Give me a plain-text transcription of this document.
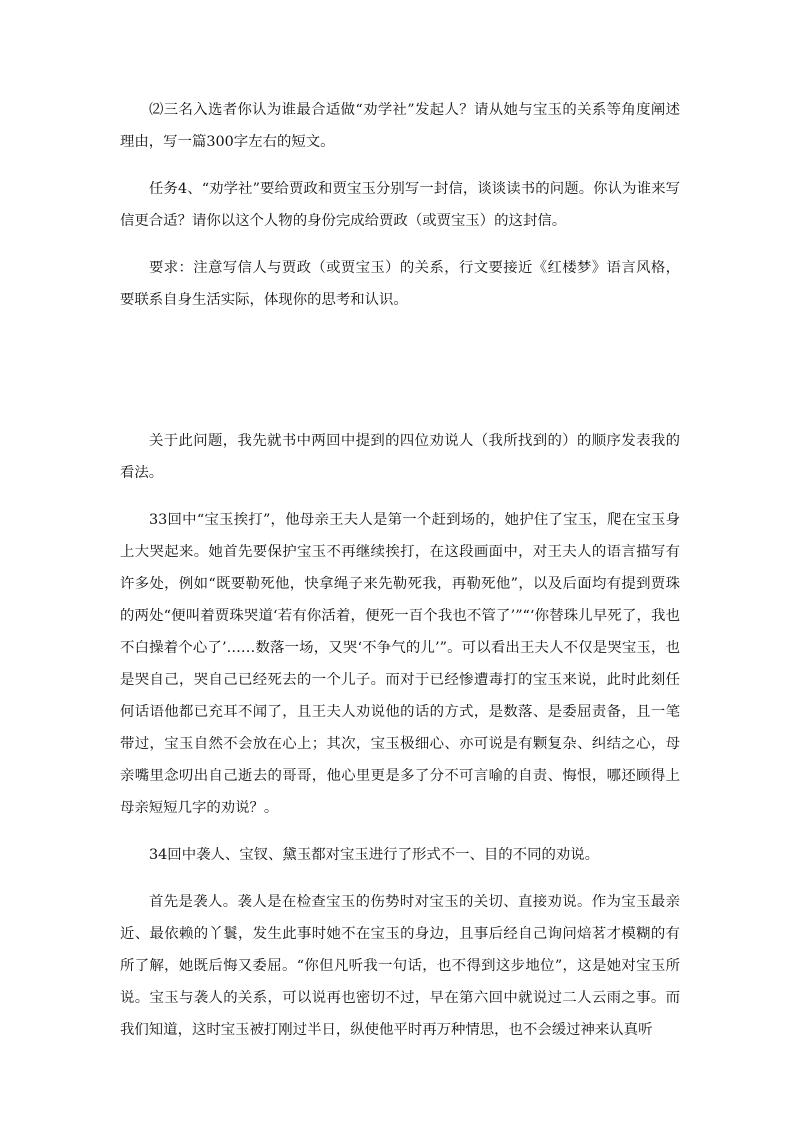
⑵三名入选者你认为谁最合适做“劝学社”发起人？请从她与宝玉的关系等角度阐述理由，写一篇300字左右的短文。

任务4、“劝学社”要给贾政和贾宝玉分别写一封信，谈谈读书的问题。你认为谁来写信更合适？请你以这个人物的身份完成给贾政（或贾宝玉）的这封信。

要求：注意写信人与贾政（或贾宝玉）的关系，行文要接近《红楼梦》语言风格，要联系自身生活实际，体现你的思考和认识。

关于此问题，我先就书中两回中提到的四位劝说人（我所找到的）的顺序发表我的看法。

33回中“宝玉挨打”，他母亲王夫人是第一个赶到场的，她护住了宝玉，爬在宝玉身上大哭起来。她首先要保护宝玉不再继续挨打，在这段画面中，对王夫人的语言描写有许多处，例如“既要勒死他，快拿绳子来先勒死我，再勒死他”，以及后面均有提到贾珠的两处“便叫着贾珠哭道‘若有你活着，便死一百个我也不管了’”“‘你替珠儿早死了，我也不白操着个心了’……数落一场，又哭‘不争气的儿’”。可以看出王夫人不仅是哭宝玉，也是哭自己，哭自己已经死去的一个儿子。而对于已经惨遭毒打的宝玉来说，此时此刻任何话语他都已充耳不闻了，且王夫人劝说他的话的方式，是数落、是委屈责备，且一笔带过，宝玉自然不会放在心上；其次，宝玉极细心、亦可说是有颗复杂、纠结之心，母亲嘴里念叨出自己逝去的哥哥，他心里更是多了分不可言喻的自责、悔恨，哪还顾得上母亲短短几字的劝说？。

34回中袭人、宝钗、黛玉都对宝玉进行了形式不一、目的不同的劝说。

首先是袭人。袭人是在检查宝玉的伤势时对宝玉的关切、直接劝说。作为宝玉最亲近、最依赖的丫鬟，发生此事时她不在宝玉的身边，且事后经自己询问焙茗才模糊的有所了解，她既后悔又委屈。“你但凡听我一句话，也不得到这步地位”，这是她对宝玉所说。宝玉与袭人的关系，可以说再也密切不过，早在第六回中就说过二人云雨之事。而我们知道，这时宝玉被打刚过半日，纵使他平时再万种情思，也不会缓过神来认真听
